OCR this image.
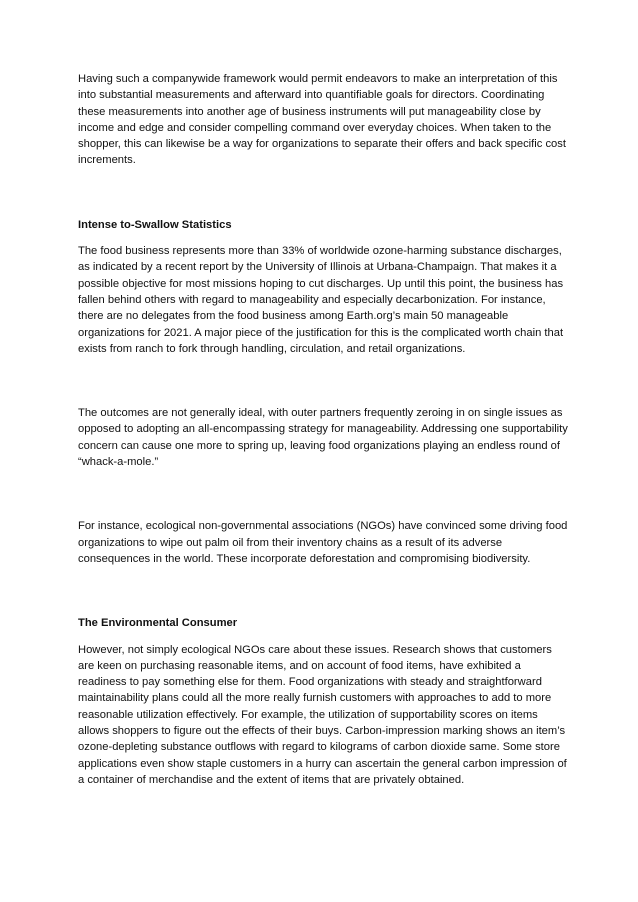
Having such a companywide framework would permit endeavors to make an interpretation of this into substantial measurements and afterward into quantifiable goals for directors. Coordinating these measurements into another age of business instruments will put manageability close by income and edge and consider compelling command over everyday choices. When taken to the shopper, this can likewise be a way for organizations to separate their offers and back specific cost increments.

Intense to-Swallow Statistics

The food business represents more than 33% of worldwide ozone-harming substance discharges, as indicated by a recent report by the University of Illinois at Urbana-Champaign. That makes it a possible objective for most missions hoping to cut discharges. Up until this point, the business has fallen behind others with regard to manageability and especially decarbonization. For instance, there are no delegates from the food business among Earth.org’s main 50 manageable organizations for 2021. A major piece of the justification for this is the complicated worth chain that exists from ranch to fork through handling, circulation, and retail organizations.

The outcomes are not generally ideal, with outer partners frequently zeroing in on single issues as opposed to adopting an all-encompassing strategy for manageability. Addressing one supportability concern can cause one more to spring up, leaving food organizations playing an endless round of “whack-a-mole.”

For instance, ecological non-governmental associations (NGOs) have convinced some driving food organizations to wipe out palm oil from their inventory chains as a result of its adverse consequences in the world. These incorporate deforestation and compromising biodiversity.

The Environmental Consumer

However, not simply ecological NGOs care about these issues. Research shows that customers are keen on purchasing reasonable items, and on account of food items, have exhibited a readiness to pay something else for them. Food organizations with steady and straightforward maintainability plans could all the more really furnish customers with approaches to add to more reasonable utilization effectively. For example, the utilization of supportability scores on items allows shoppers to figure out the effects of their buys. Carbon-impression marking shows an item’s ozone-depleting substance outflows with regard to kilograms of carbon dioxide same. Some store applications even show staple customers in a hurry can ascertain the general carbon impression of a container of merchandise and the extent of items that are privately obtained.
